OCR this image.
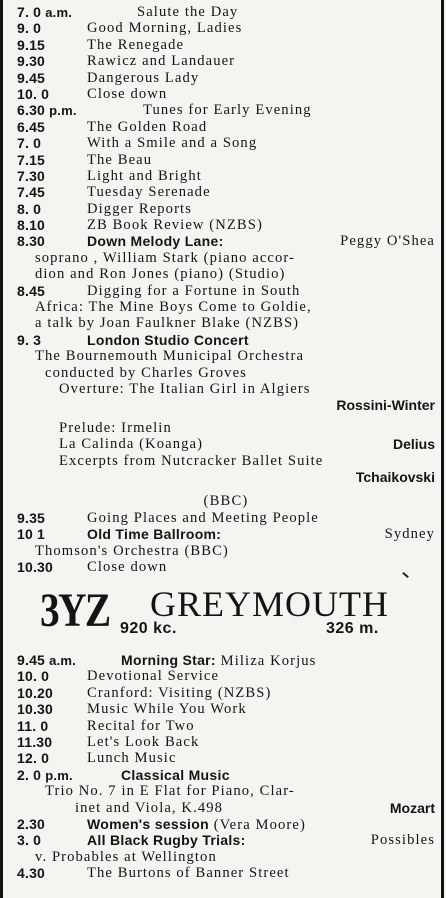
7. 0 a.m.	Salute the Day
9. 0	Good Morning, Ladies
9.15	The Renegade
9.30	Rawicz and Landauer
9.45	Dangerous Lady
10. 0	Close down
6.30 p.m.	Tunes for Early Evening
6.45	The Golden Road
7. 0	With a Smile and a Song
7.15	The Beau
7.30	Light and Bright
7.45	Tuesday Serenade
8. 0	Digger Reports
8.10	ZB Book Review (NZBS)
8.30	Down Melody Lane:	Peggy O'Shea
soprano , William Stark (piano accor-
dion and Ron Jones (piano) (Studio)
8.45	Digging for a Fortune in South
Africa: The Mine Boys Come to Goldie,
a talk by Joan Faulkner Blake (NZBS)
9. 3	London Studio Concert
The Bournemouth Municipal Orchestra
conducted by Charles Groves
Overture: The Italian Girl in Algiers
Rossini-Winter
Prelude: Irmelin
La Calinda (Koanga)	Delius
Excerpts from Nutcracker Ballet Suite
Tchaikovski
(BBC)
9.35	Going Places and Meeting People
10 1	Old Time Ballroom:	Sydney
Thomson's Orchestra (BBC)
10.30 Close down
3YZ GREYMOUTH
920 kc.	326 m.
9.45 a.m.	Morning Star: Miliza Korjus
10. 0	Devotional Service
10.20 Cranford: Visiting (NZBS)
10.30 Music While You Work
11. 0	Recital for Two
11.30 Let's Look Back
12. 0	Lunch Music
2. 0 p.m.	Classical Music
Trio No. 7 in E Flat for Piano, Clar-
inet and Viola, K.498	Mozart
2.30	Women's session (Vera Moore)
3. 0	All Black Rugby Trials:	Possibles
v. Probables at Wellington
4.30	The Burtons of Banner Street
